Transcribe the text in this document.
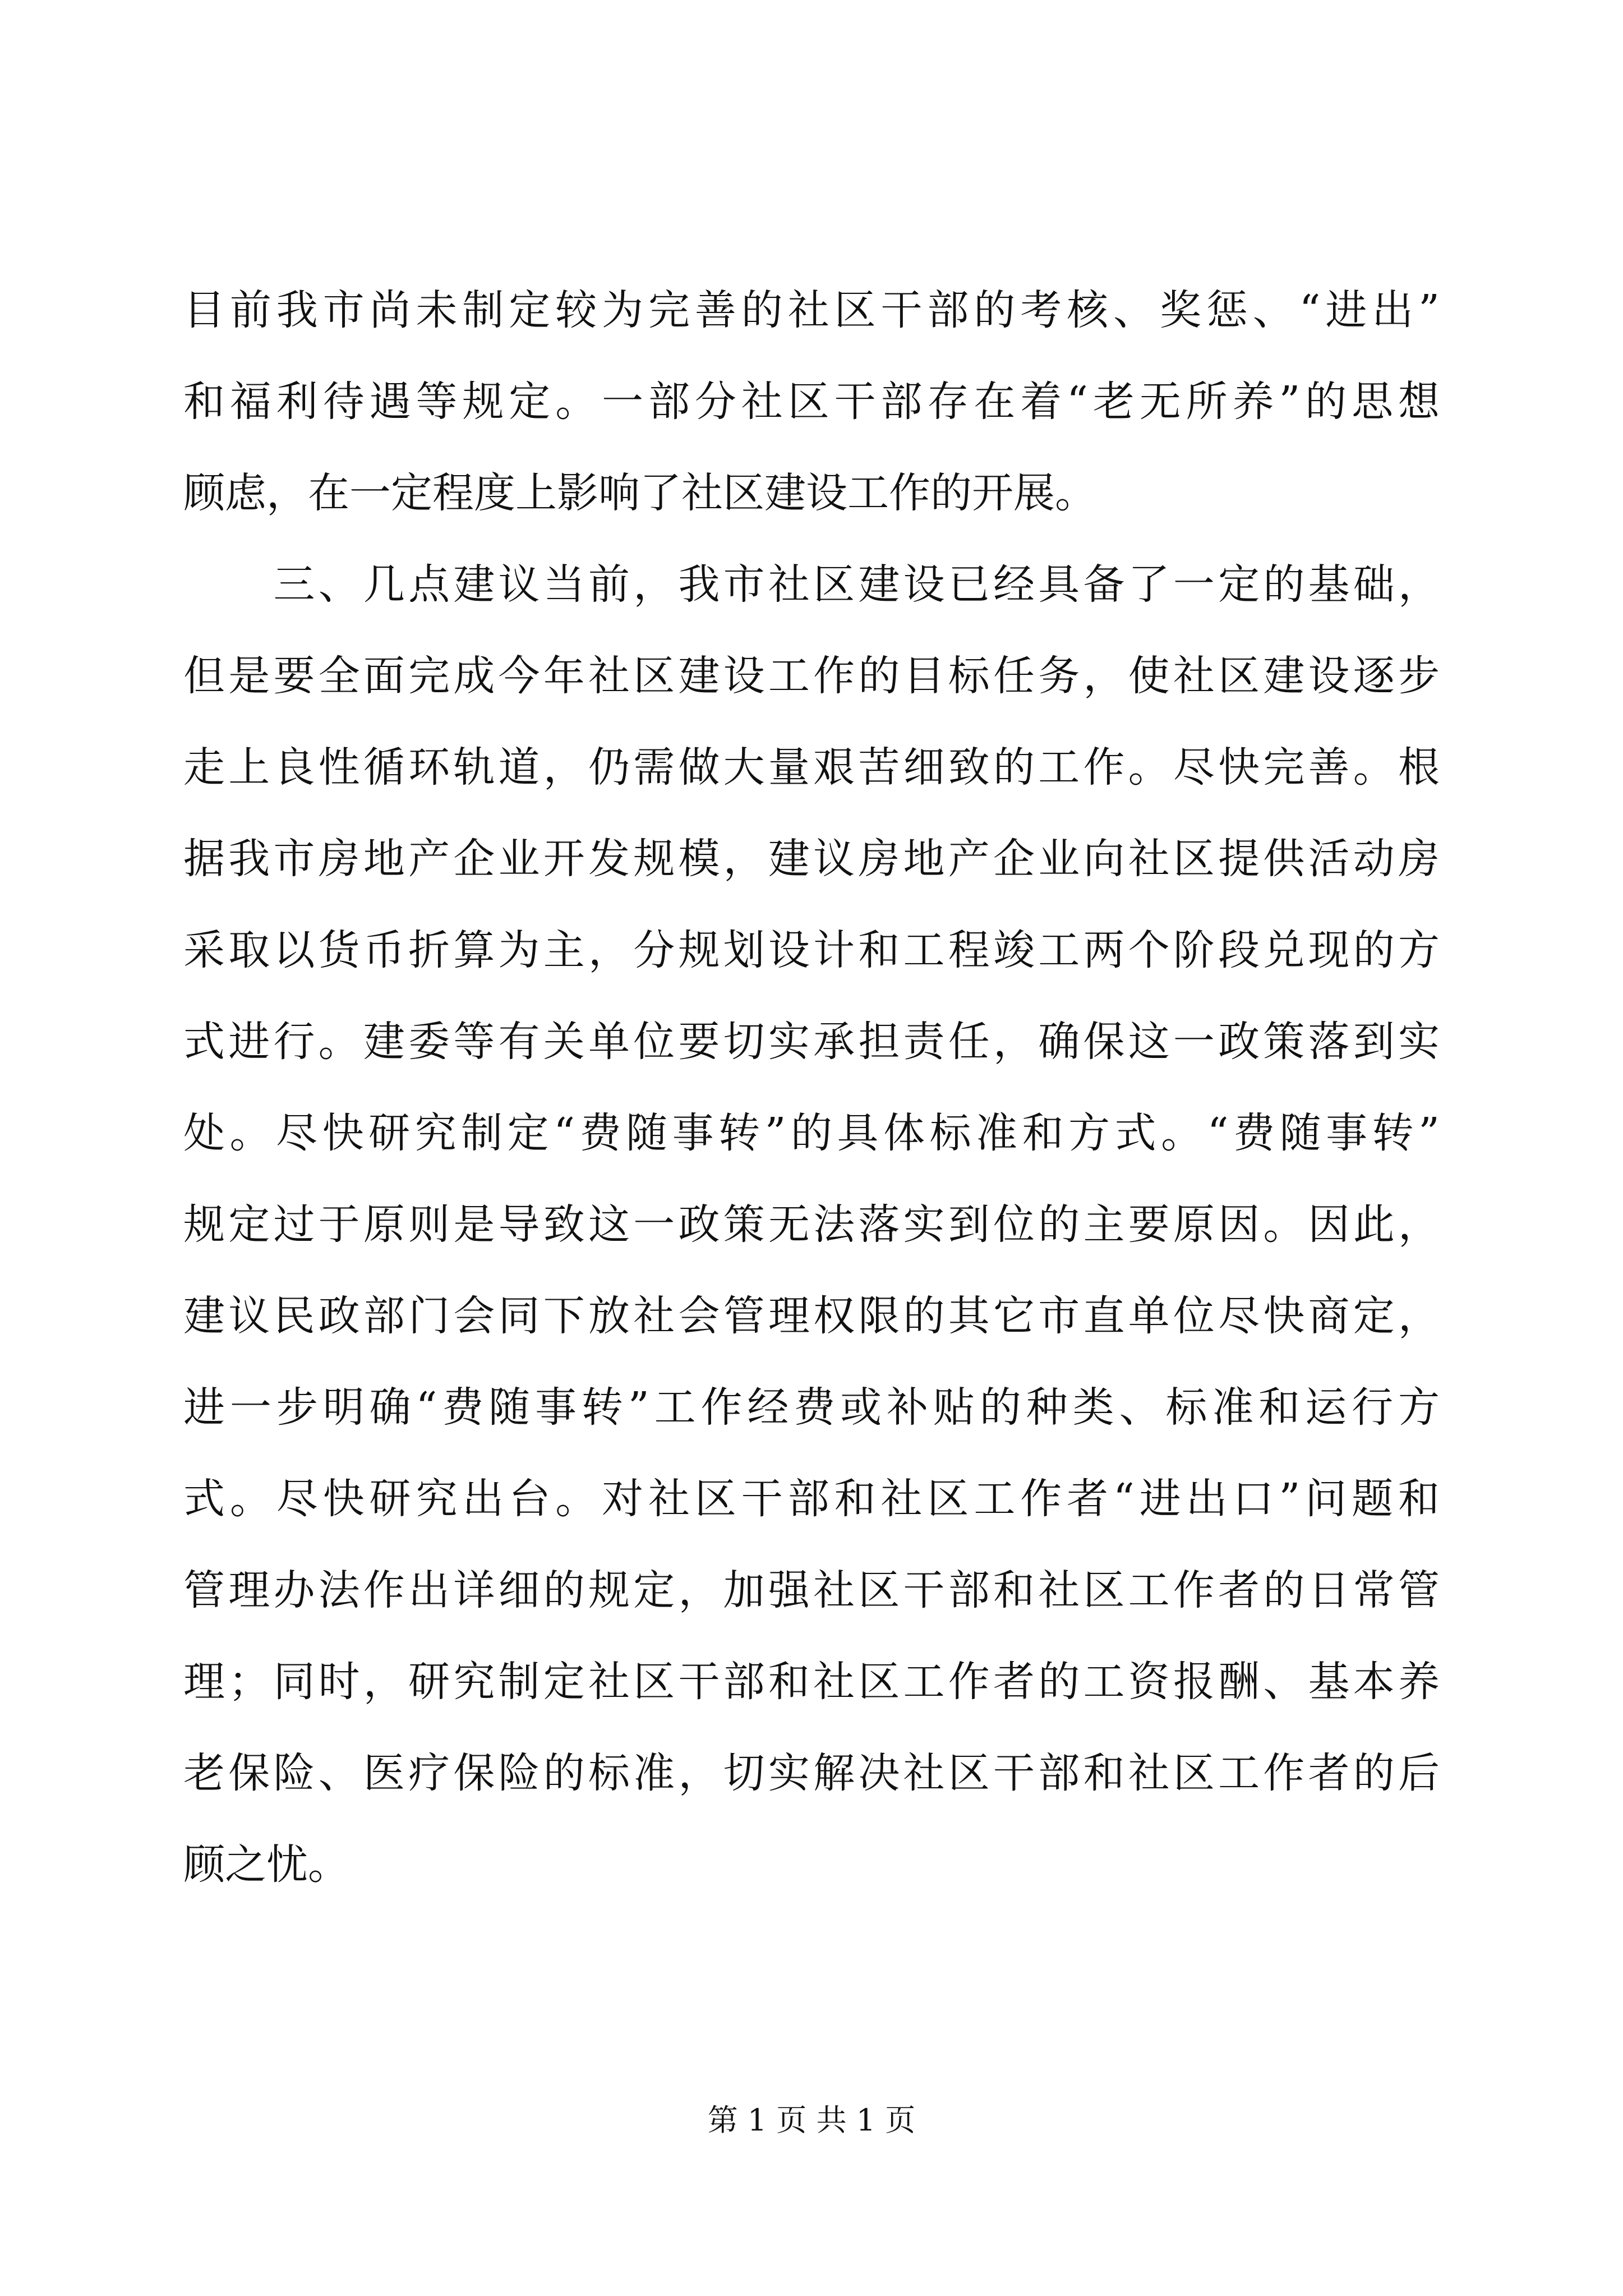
目前我市尚未制定较为完善的社区干部的考核、奖惩、“进出”
和福利待遇等规定。一部分社区干部存在着“老无所养”的思想
顾虑，在一定程度上影响了社区建设工作的开展。
　　三、几点建议当前，我市社区建设已经具备了一定的基础，
但是要全面完成今年社区建设工作的目标任务，使社区建设逐步
走上良性循环轨道，仍需做大量艰苦细致的工作。尽快完善。根
据我市房地产企业开发规模，建议房地产企业向社区提供活动房
采取以货币折算为主，分规划设计和工程竣工两个阶段兑现的方
式进行。建委等有关单位要切实承担责任，确保这一政策落到实
处。尽快研究制定“费随事转”的具体标准和方式。“费随事转”
规定过于原则是导致这一政策无法落实到位的主要原因。因此，
建议民政部门会同下放社会管理权限的其它市直单位尽快商定，
进一步明确“费随事转”工作经费或补贴的种类、标准和运行方
式。尽快研究出台。对社区干部和社区工作者“进出口”问题和
管理办法作出详细的规定，加强社区干部和社区工作者的日常管
理；同时，研究制定社区干部和社区工作者的工资报酬、基本养
老保险、医疗保险的标准，切实解决社区干部和社区工作者的后
顾之忧。
第 1 页 共 1 页
